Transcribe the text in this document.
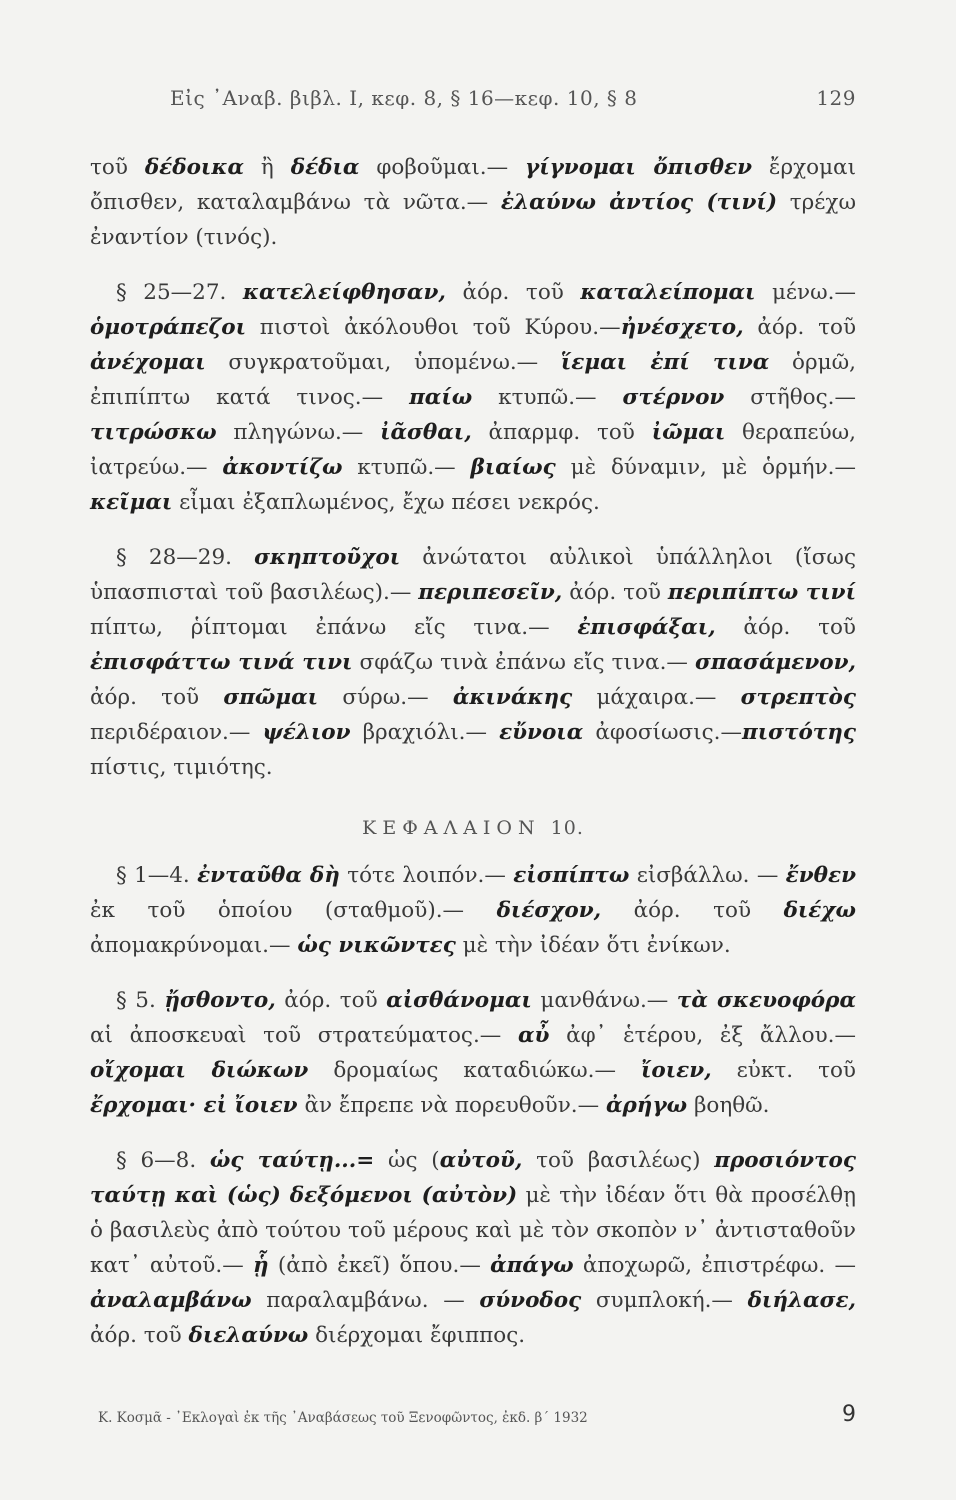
Εἰς ᾽Αναβ. βιβλ. Ι, κεφ. 8, § 16—κεφ. 10, § 8	129

τοῦ δέδοικα ἢ δέδια φοβοῦμαι.— γίγνομαι ὄπισθεν ἔρχομαι ὄπισθεν, καταλαμβάνω τὰ νῶτα.— ἐλαύνω ἀντίος (τινί) τρέχω ἐναντίον (τινός).

§ 25—27. κατελείφθησαν, ἀόρ. τοῦ καταλείπομαι μένω.— ὁμοτράπεζοι πιστοὶ ἀκόλουθοι τοῦ Κύρου.—ἠνέσχετο, ἀόρ. τοῦ ἀνέχομαι συγκρατοῦμαι, ὑπομένω.— ἵεμαι ἐπί τινα ὁρμῶ, ἐπιπίπτω κατά τινος.— παίω κτυπῶ.— στέρνον στῆθος.— τιτρώσκω πληγώνω.— ἰᾶσθαι, ἀπαρμφ. τοῦ ἰῶμαι θεραπεύω, ἰατρεύω.— ἀκοντίζω κτυπῶ.— βιαίως μὲ δύναμιν, μὲ ὁρμήν.— κεῖμαι εἶμαι ἐξαπλωμένος, ἔχω πέσει νεκρός.

§ 28—29. σκηπτοῦχοι ἀνώτατοι αὐλικοὶ ὑπάλληλοι (ἴσως ὑπασπισταὶ τοῦ βασιλέως).— περιπεσεῖν, ἀόρ. τοῦ περιπίπτω τινί πίπτω, ῥίπτομαι ἐπάνω εἴς τινα.— ἐπισφάξαι, ἀόρ. τοῦ ἐπισφάττω τινά τινι σφάζω τινὰ ἐπάνω εἴς τινα.— σπασάμενον, ἀόρ. τοῦ σπῶμαι σύρω.— ἀκινάκης μάχαιρα.— στρεπτὸς περιδέραιον.— ψέλιον βραχιόλι.— εὔνοια ἀφοσίωσις.—πιστότης πίστις, τιμιότης.

ΚΕΦΑΛΑΙΟΝ 10.

§ 1—4. ἐνταῦθα δὴ τότε λοιπόν.— εἰσπίπτω εἰσβάλλω. — ἔνθεν ἐκ τοῦ ὁποίου (σταθμοῦ).— διέσχον, ἀόρ. τοῦ διέχω ἀπομακρύνομαι.— ὡς νικῶντες μὲ τὴν ἰδέαν ὅτι ἐνίκων.

§ 5. ᾔσθοντο, ἀόρ. τοῦ αἰσθάνομαι μανθάνω.— τὰ σκευοφόρα αἱ ἀποσκευαὶ τοῦ στρατεύματος.— αὖ ἀφ᾽ ἑτέρου, ἐξ ἄλλου.—οἴχομαι διώκων δρομαίως καταδιώκω.— ἴοιεν, εὐκτ. τοῦ ἔρχομαι· εἰ ἴοιεν ἂν ἔπρεπε νὰ πορευθοῦν.— ἀρήγω βοηθῶ.

§ 6—8. ὡς ταύτῃ...= ὡς (αὐτοῦ, τοῦ βασιλέως) προσιόντος ταύτῃ καὶ (ὡς) δεξόμενοι (αὐτὸν) μὲ τὴν ἰδέαν ὅτι θὰ προσέλθῃ ὁ βασιλεὺς ἀπὸ τούτου τοῦ μέρους καὶ μὲ τὸν σκοπὸν ν᾽ ἀντισταθοῦν κατ᾽ αὐτοῦ.— ᾗ (ἀπὸ ἐκεῖ) ὅπου.— ἀπάγω ἀποχωρῶ, ἐπιστρέφω. — ἀναλαμβάνω παραλαμβάνω. — σύνοδος συμπλοκή.— διήλασε, ἀόρ. τοῦ διελαύνω διέρχομαι ἔφιππος.

Κ. Κοσμᾶ - ᾽Εκλογαὶ ἐκ τῆς ᾽Αναβάσεως τοῦ Ξενοφῶντος, ἐκδ. β´ 1932	9
